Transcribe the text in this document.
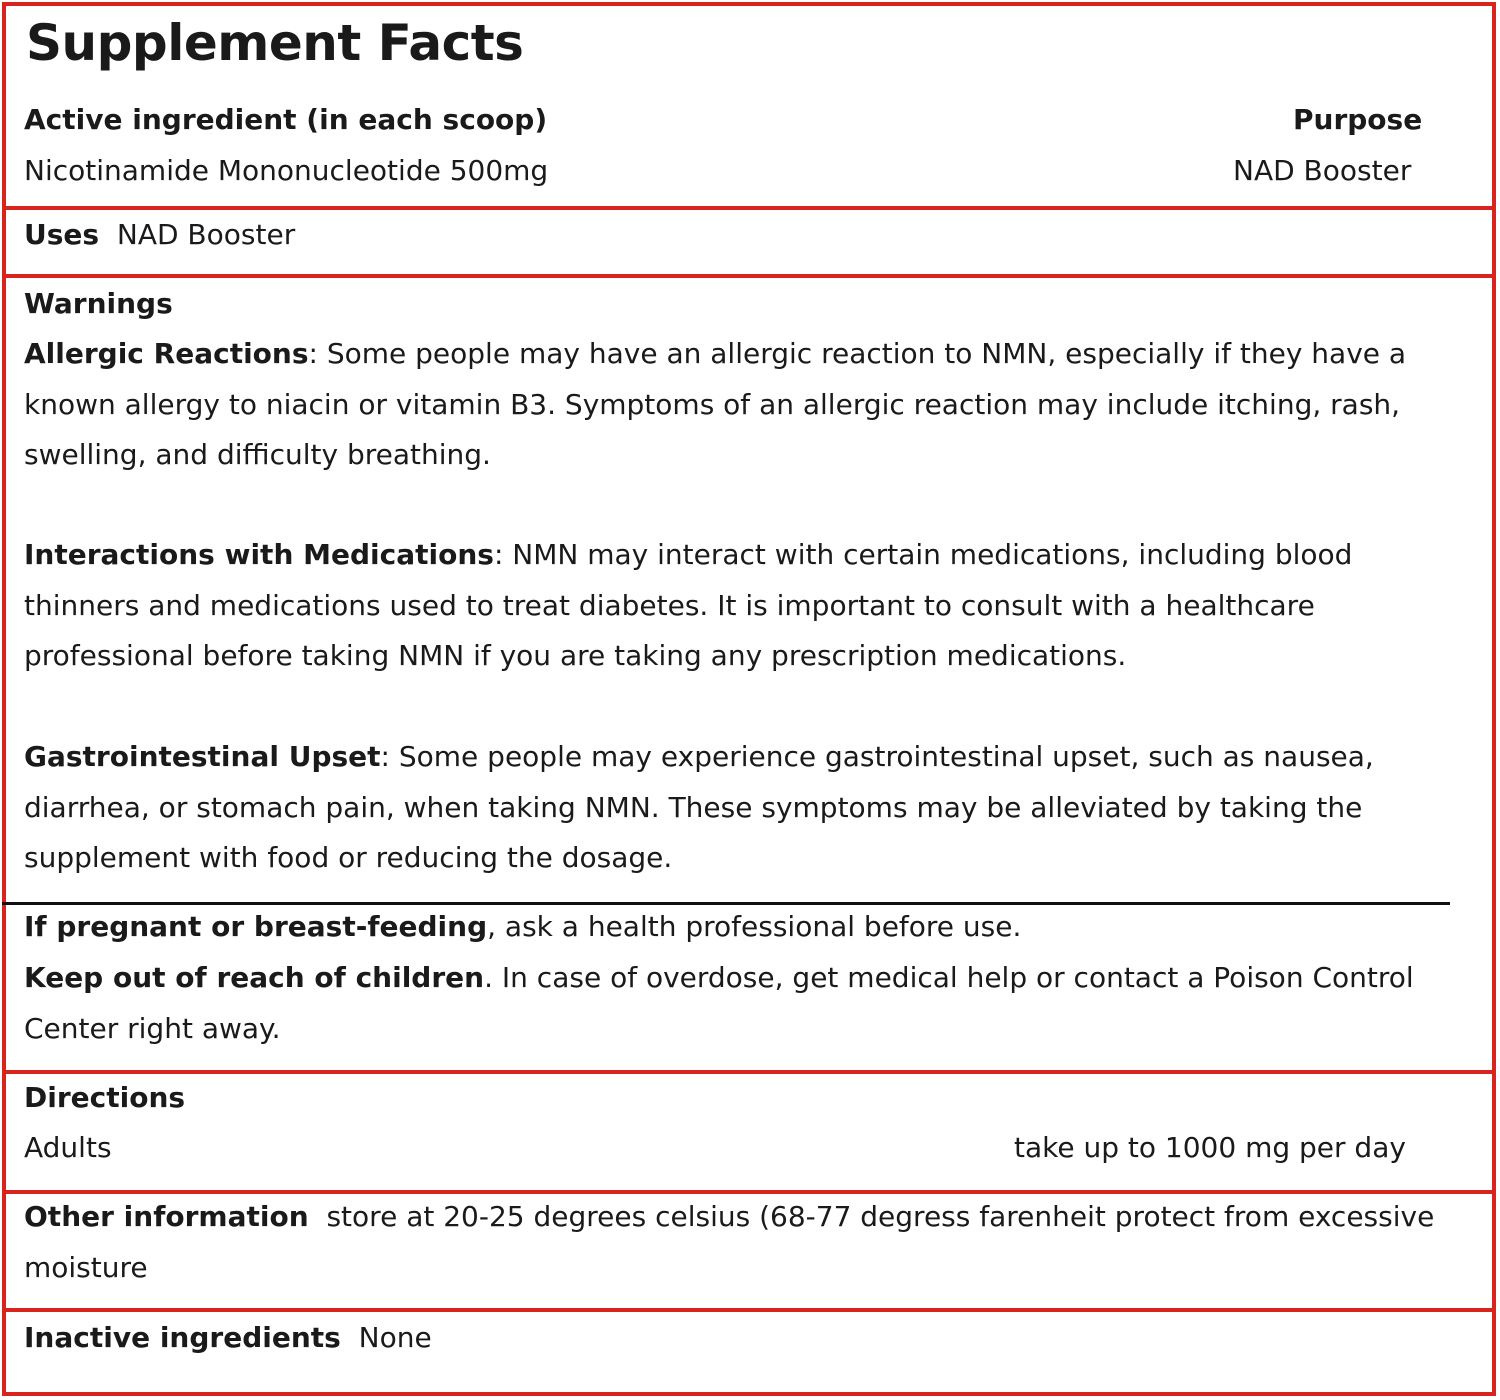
Supplement Facts
Active ingredient (in each scoop)	Purpose
Nicotinamide Mononucleotide 500mg	NAD Booster
Uses NAD Booster
Warnings
Allergic Reactions: Some people may have an allergic reaction to NMN, especially if they have a known allergy to niacin or vitamin B3. Symptoms of an allergic reaction may include itching, rash, swelling, and difficulty breathing.
Interactions with Medications: NMN may interact with certain medications, including blood thinners and medications used to treat diabetes. It is important to consult with a healthcare professional before taking NMN if you are taking any prescription medications.
Gastrointestinal Upset: Some people may experience gastrointestinal upset, such as nausea, diarrhea, or stomach pain, when taking NMN. These symptoms may be alleviated by taking the supplement with food or reducing the dosage.
If pregnant or breast-feeding, ask a health professional before use.
Keep out of reach of children. In case of overdose, get medical help or contact a Poison Control Center right away.
Directions
Adults	take up to 1000 mg per day
Other information store at 20-25 degrees celsius (68-77 degress farenheit protect from excessive moisture
Inactive ingredients None
